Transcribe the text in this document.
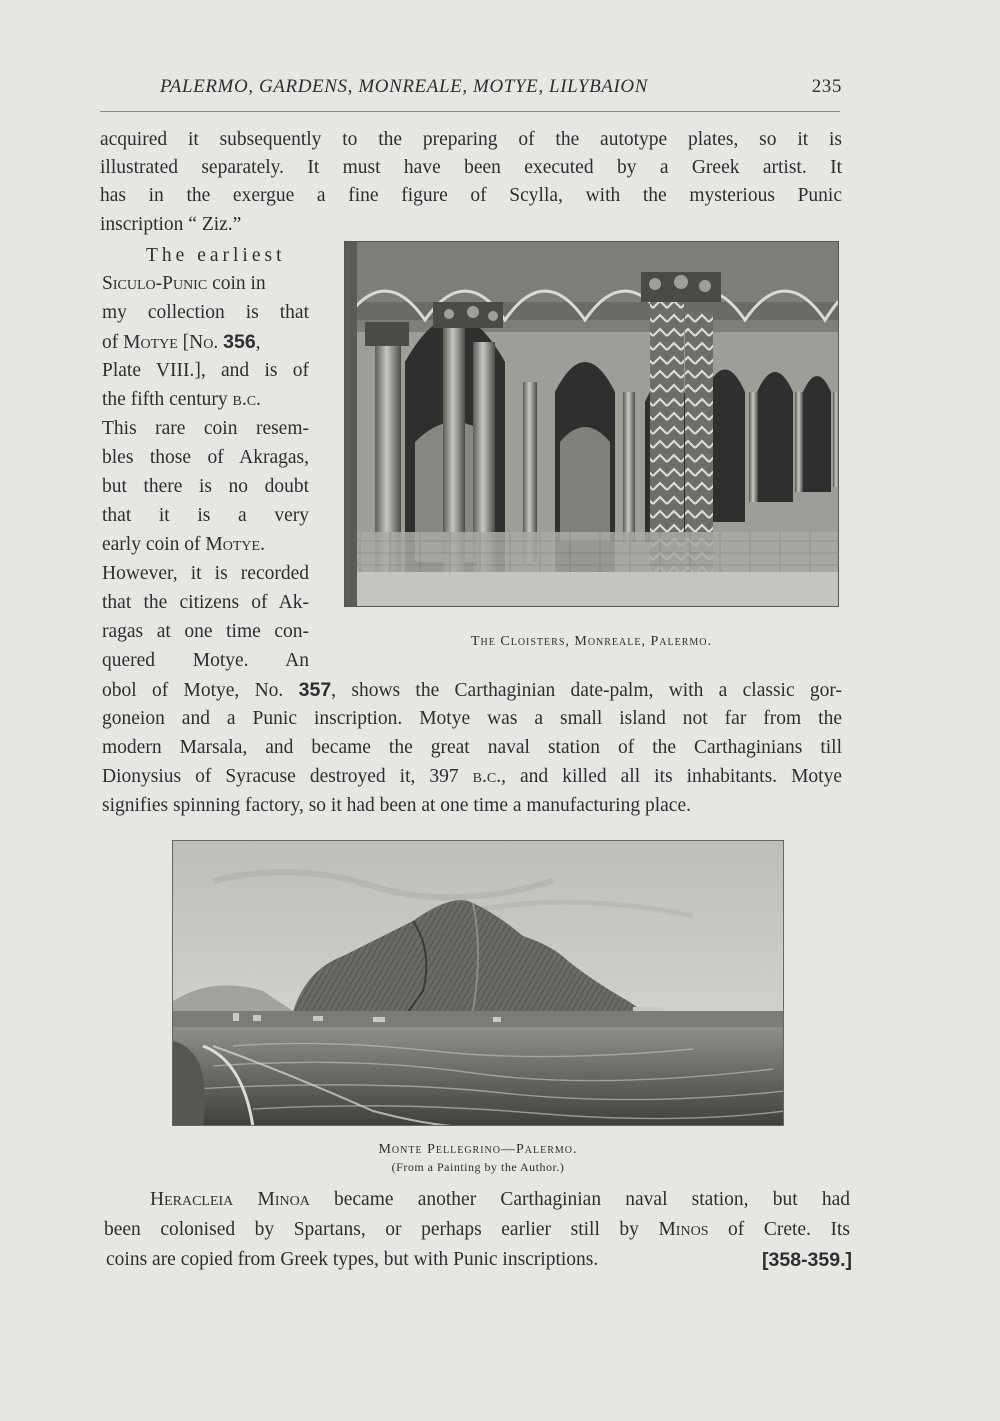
PALERMO, GARDENS, MONREALE, MOTYE, LILYBAION	235
acquired it subsequently to the preparing of the autotype plates, so it is
illustrated separately. It must have been executed by a Greek artist. It
has in the exergue a fine figure of Scylla, with the mysterious Punic
inscription “ Ziz.”
The earliest
Siculo-Punic coin in
my collection is that
of Motye [No. 356,
Plate VIII.], and is of
the fifth century b.c.
This rare coin resem-
bles those of Akragas,
but there is no doubt
that it is a very
early coin of Motye.
However, it is recorded
that the citizens of Ak-
ragas at one time con-
quered Motye. An
The Cloisters, Monreale, Palermo.
obol of Motye, No. 357, shows the Carthaginian date-palm, with a classic gor-
goneion and a Punic inscription. Motye was a small island not far from the
modern Marsala, and became the great naval station of the Carthaginians till
Dionysius of Syracuse destroyed it, 397 b.c., and killed all its inhabitants. Motye
signifies spinning factory, so it had been at one time a manufacturing place.
Monte Pellegrino—Palermo.
(From a Painting by the Author.)
Heracleia Minoa became another Carthaginian naval station, but had
been colonised by Spartans, or perhaps earlier still by Minos of Crete. Its
coins are copied from Greek types, but with Punic inscriptions.	[358-359.]
